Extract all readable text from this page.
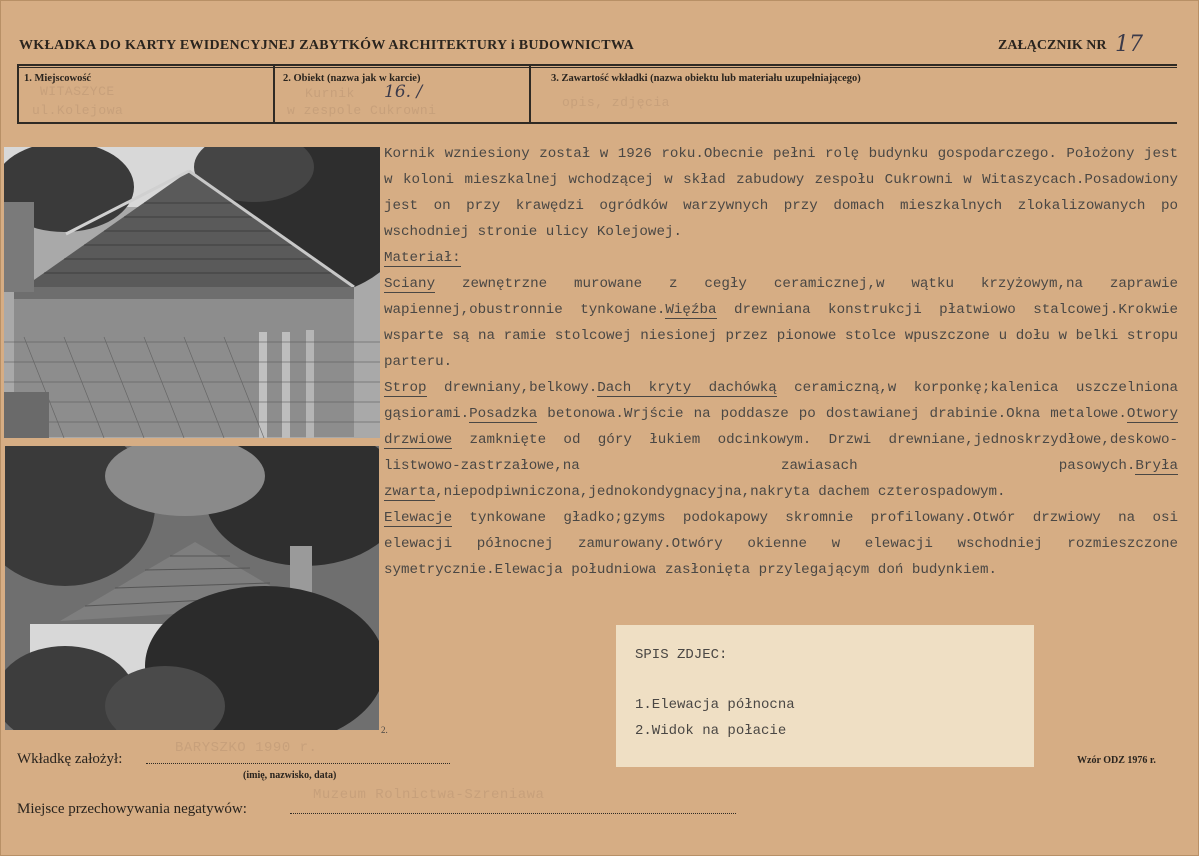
WKŁADKA DO KARTY EWIDENCYJNEJ ZABYTKÓW ARCHITEKTURY i BUDOWNICTWA	ZAŁĄCZNIK NR 17
1. Miejscowość
WITASZYCE
ul.Kolejowa
2. Obiekt (nazwa jak w karcie)
Kurnik 16. /
w zespole Cukrowni
3. Zawartość wkładki (nazwa obiektu lub materiału uzupełniającego)
opis, zdjęcia
2.

Kornik wzniesiony został w 1926 roku.Obecnie pełni rolę budynku gospodarczego. Położony jest w koloni mieszkalnej wchodzącej w skład zabudowy zespołu Cukrowni w Witaszycach.Posadowiony jest on przy krawędzi ogródków warzywnych przy domach mieszkalnych zlokalizowanych po wschodniej stronie ulicy Kolejowej.

Materiał:

Sciany zewnętrzne murowane z cegły ceramicznej,w wątku krzyżowym,na zaprawie wapiennej,obustronnie tynkowane.Więźba drewniana konstrukcji płatwiowo stalcowej.Krokwie wsparte są na ramie stolcowej niesionej przez pionowe stolce wpuszczone u dołu w belki stropu parteru.

Strop drewniany,belkowy.Dach kryty dachówką ceramiczną,w korponkę;kalenica uszczelniona gąsiorami.Posadzka betonowa.Wrjście na poddasze po dostawianej drabinie.Okna metalowe.Otwory drzwiowe zamknięte od góry łukiem odcinkowym. Drzwi drewniane,jednoskrzydłowe,deskowo-listwowo-zastrzałowe,na zawiasach pasowych.Bryła zwarta,niepodpiwniczona,jednokondygnacyjna,nakryta dachem czterospadowym.

Elewacje tynkowane gładko;gzyms podokapowy skromnie profilowany.Otwór drzwiowy na osi elewacji północnej zamurowany.Otwóry okienne w elewacji wschodniej rozmieszczone symetrycznie.Elewacja południowa zasłonięta przylegającym doń budynkiem.

SPIS ZDJEC:
1.Elewacja północna
2.Widok na połacie
Wkładkę założył:
BARYSZKO 1990 r.
(imię, nazwisko, data)
Wzór ODZ 1976 r.
Miejsce przechowywania negatywów:
Muzeum Rolnictwa-Szreniawa
